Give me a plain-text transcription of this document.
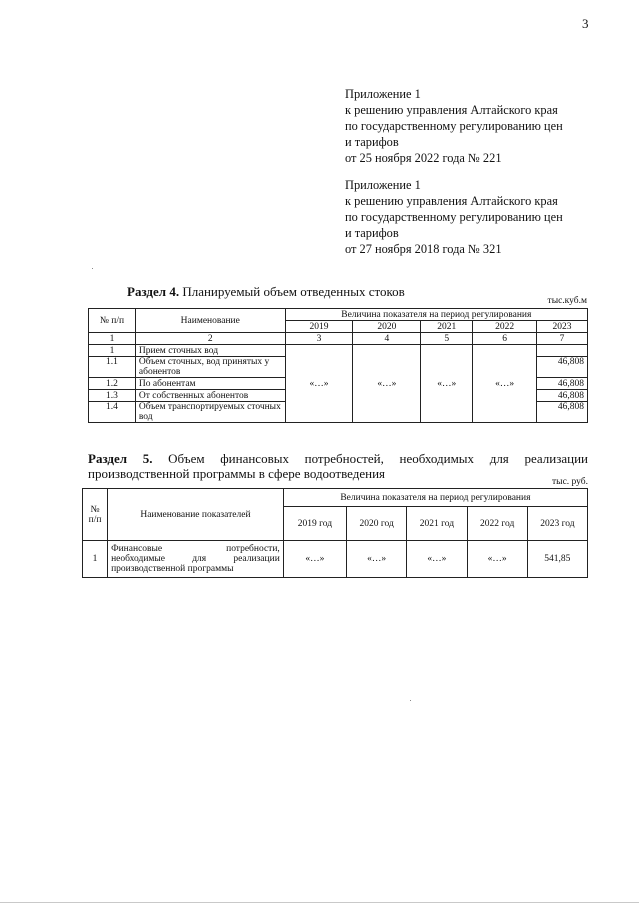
3
Приложение 1
к решению управления Алтайского края
по государственному регулированию цен
и тарифов
от 25 ноября 2022 года № 221
Приложение 1
к решению управления Алтайского края
по государственному регулированию цен
и тарифов
от 27 ноября 2018 года № 321
Раздел 4. Планируемый объем отведенных стоков
тыс.куб.м
№ п/п	Наименование	Величина показателя на период регулирования				
		2019	2020	2021	2022	2023
1	2	3	4	5	6	7
1	Прием сточных вод	«…»	«…»	«…»	«…»	
1.1	Объем сточных, вод принятых у абонентов					46,808
1.2	По абонентам					46,808
1.3	От собственных абонентов					46,808
1.4	Объем транспортируемых сточных вод					46,808
Раздел 5. Объем финансовых потребностей, необходимых для реализации производственной программы в сфере водоотведения
тыс. руб.
№ п/п	Наименование показателей	Величина показателя на период регулирования				
		2019 год	2020 год	2021 год	2022 год	2023 год
1	Финансовые потребности,
необходимые для реализации
производственной программы	«…»	«…»	«…»	«…»	541,85
